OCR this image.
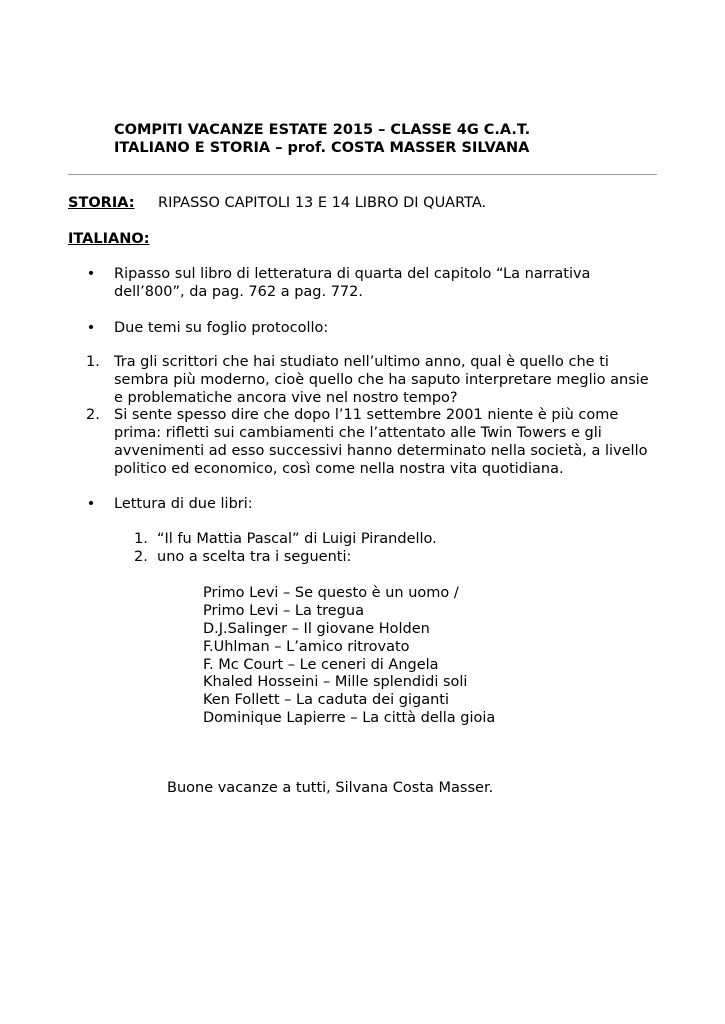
COMPITI VACANZE ESTATE 2015 – CLASSE 4G C.A.T.
ITALIANO E STORIA – prof. COSTA MASSER SILVANA
STORIA: RIPASSO CAPITOLI 13 E 14 LIBRO DI QUARTA.
ITALIANO:
• Ripasso sul libro di letteratura di quarta del capitolo “La narrativa
dell’800”, da pag. 762 a pag. 772.
• Due temi su foglio protocollo:
1. Tra gli scrittori che hai studiato nell’ultimo anno, qual è quello che ti
sembra più moderno, cioè quello che ha saputo interpretare meglio ansie
e problematiche ancora vive nel nostro tempo?
2. Si sente spesso dire che dopo l’11 settembre 2001 niente è più come
prima: rifletti sui cambiamenti che l’attentato alle Twin Towers e gli
avvenimenti ad esso successivi hanno determinato nella società, a livello
politico ed economico, così come nella nostra vita quotidiana.
• Lettura di due libri:
1. “Il fu Mattia Pascal” di Luigi Pirandello.
2. uno a scelta tra i seguenti:
Primo Levi – Se questo è un uomo /
Primo Levi – La tregua
D.J.Salinger – Il giovane Holden
F.Uhlman – L’amico ritrovato
F. Mc Court – Le ceneri di Angela
Khaled Hosseini – Mille splendidi soli
Ken Follett – La caduta dei giganti
Dominique Lapierre – La città della gioia
Buone vacanze a tutti, Silvana Costa Masser.
